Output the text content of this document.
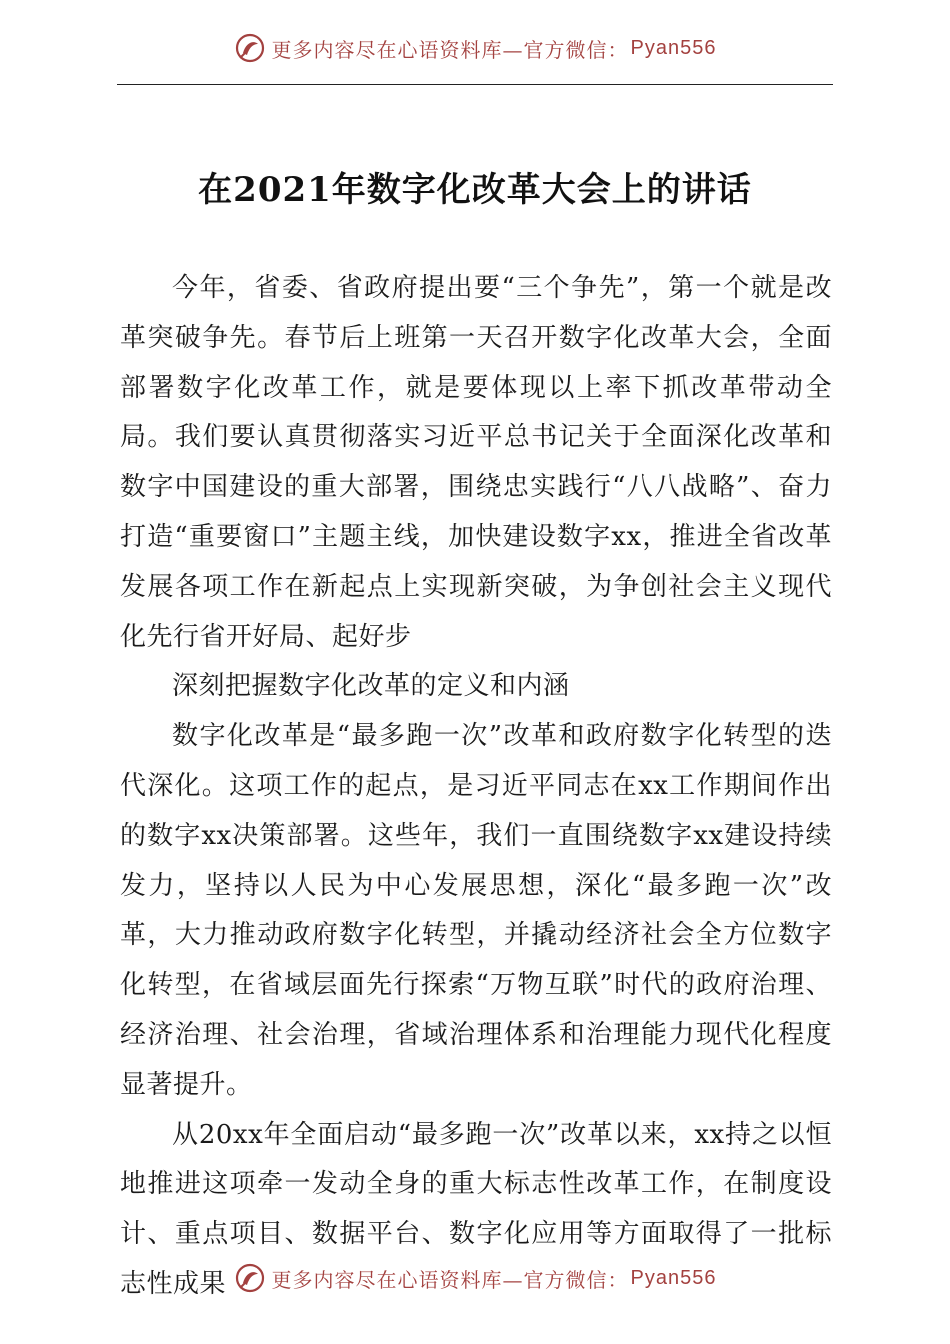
更多内容尽在心语资料库— 官方微信： Pyan556
在2021年数字化改革大会上的讲话

今年，省委、省政府提出要“三个争先”，第一个就是改革突破争先。春节后上班第一天召开数字化改革大会，全面部署数字化改革工作，就是要体现以上率下抓改革带动全局。我们要认真贯彻落实习近平总书记关于全面深化改革和数字中国建设的重大部署，围绕忠实践行“八八战略”、奋力打造“重要窗口”主题主线，加快建设数字xx，推进全省改革发展各项工作在新起点上实现新突破，为争创社会主义现代化先行省开好局、起好步

深刻把握数字化改革的定义和内涵

数字化改革是“最多跑一次”改革和政府数字化转型的迭代深化。这项工作的起点，是习近平同志在xx工作期间作出的数字xx决策部署。这些年，我们一直围绕数字xx建设持续发力，坚持以人民为中心发展思想，深化“最多跑一次”改革，大力推动政府数字化转型，并撬动经济社会全方位数字化转型，在省域层面先行探索“万物互联”时代的政府治理、经济治理、社会治理，省域治理体系和治理能力现代化程度显著提升。

从20xx年全面启动“最多跑一次”改革以来，xx持之以恒地推进这项牵一发动全身的重大标志性改革工作，在制度设计、重点项目、数据平台、数字化应用等方面取得了一批标志性成果	更多内容尽在心语资料库— 官方微信： Pyan556
